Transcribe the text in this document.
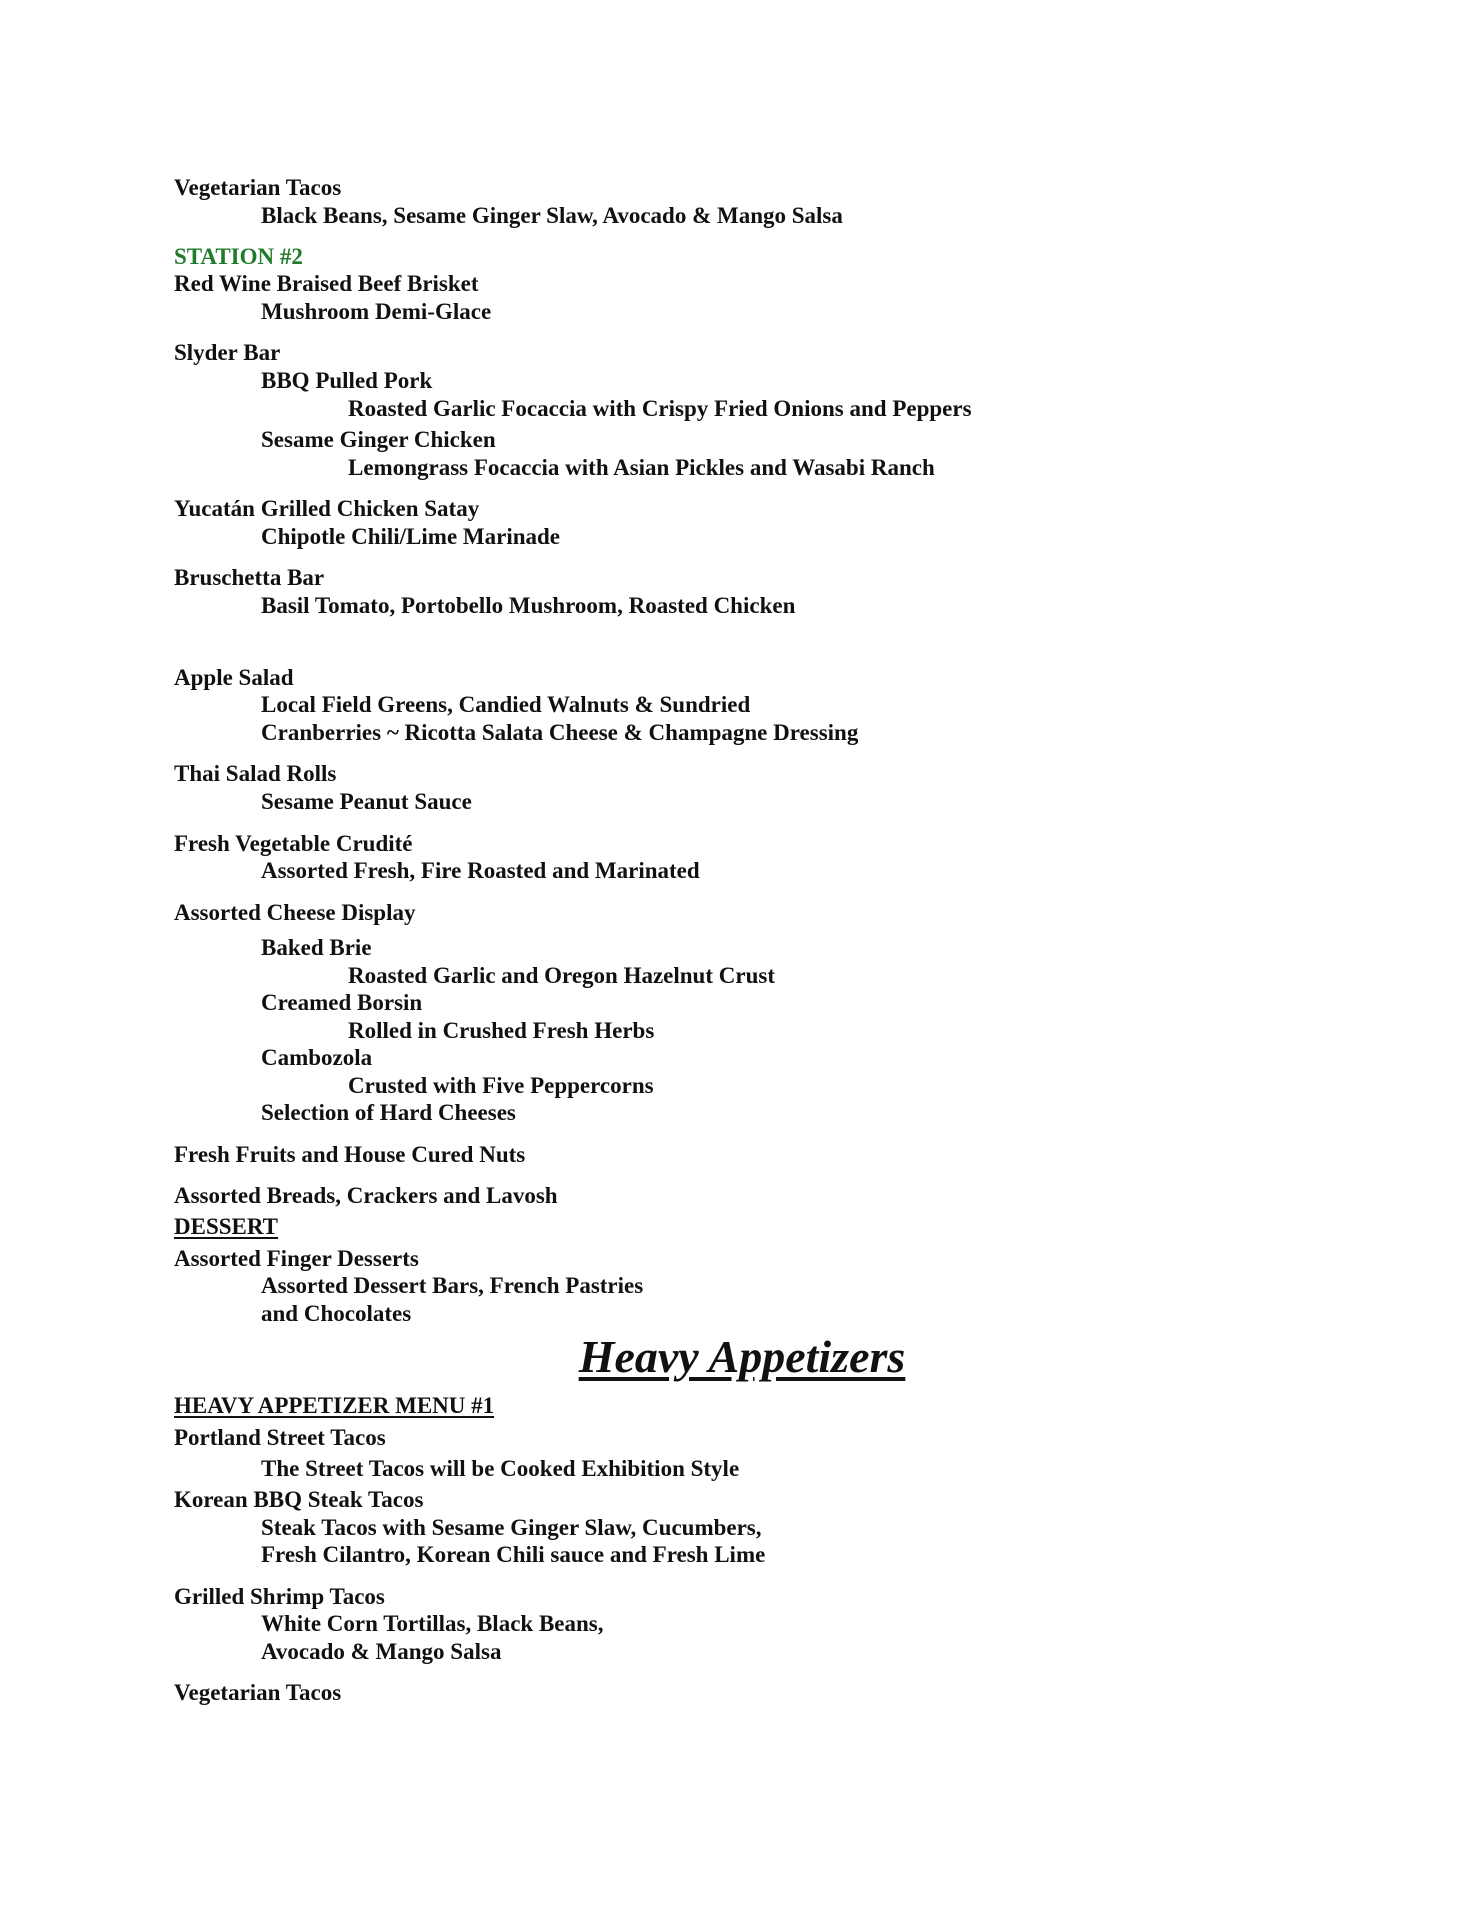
Vegetarian Tacos
Black Beans, Sesame Ginger Slaw, Avocado & Mango Salsa
STATION #2
Red Wine Braised Beef Brisket
Mushroom Demi-Glace
Slyder Bar
BBQ Pulled Pork
Roasted Garlic Focaccia with Crispy Fried Onions and Peppers
Sesame Ginger Chicken
Lemongrass Focaccia with Asian Pickles and Wasabi Ranch
Yucatán Grilled Chicken Satay
Chipotle Chili/Lime Marinade
Bruschetta Bar
Basil Tomato, Portobello Mushroom, Roasted Chicken
Apple Salad
Local Field Greens, Candied Walnuts & Sundried
Cranberries ~ Ricotta Salata Cheese & Champagne Dressing
Thai Salad Rolls
Sesame Peanut Sauce
Fresh Vegetable Crudité
Assorted Fresh, Fire Roasted and Marinated
Assorted Cheese Display
Baked Brie
Roasted Garlic and Oregon Hazelnut Crust
Creamed Borsin
Rolled in Crushed Fresh Herbs
Cambozola
Crusted with Five Peppercorns
Selection of Hard Cheeses
Fresh Fruits and House Cured Nuts
Assorted Breads, Crackers and Lavosh
DESSERT
Assorted Finger Desserts
Assorted Dessert Bars, French Pastries
and Chocolates
Heavy Appetizers
HEAVY APPETIZER MENU #1
Portland Street Tacos
The Street Tacos will be Cooked Exhibition Style
Korean BBQ Steak Tacos
Steak Tacos with Sesame Ginger Slaw, Cucumbers,
Fresh Cilantro, Korean Chili sauce and Fresh Lime
Grilled Shrimp Tacos
White Corn Tortillas, Black Beans,
Avocado & Mango Salsa
Vegetarian Tacos
